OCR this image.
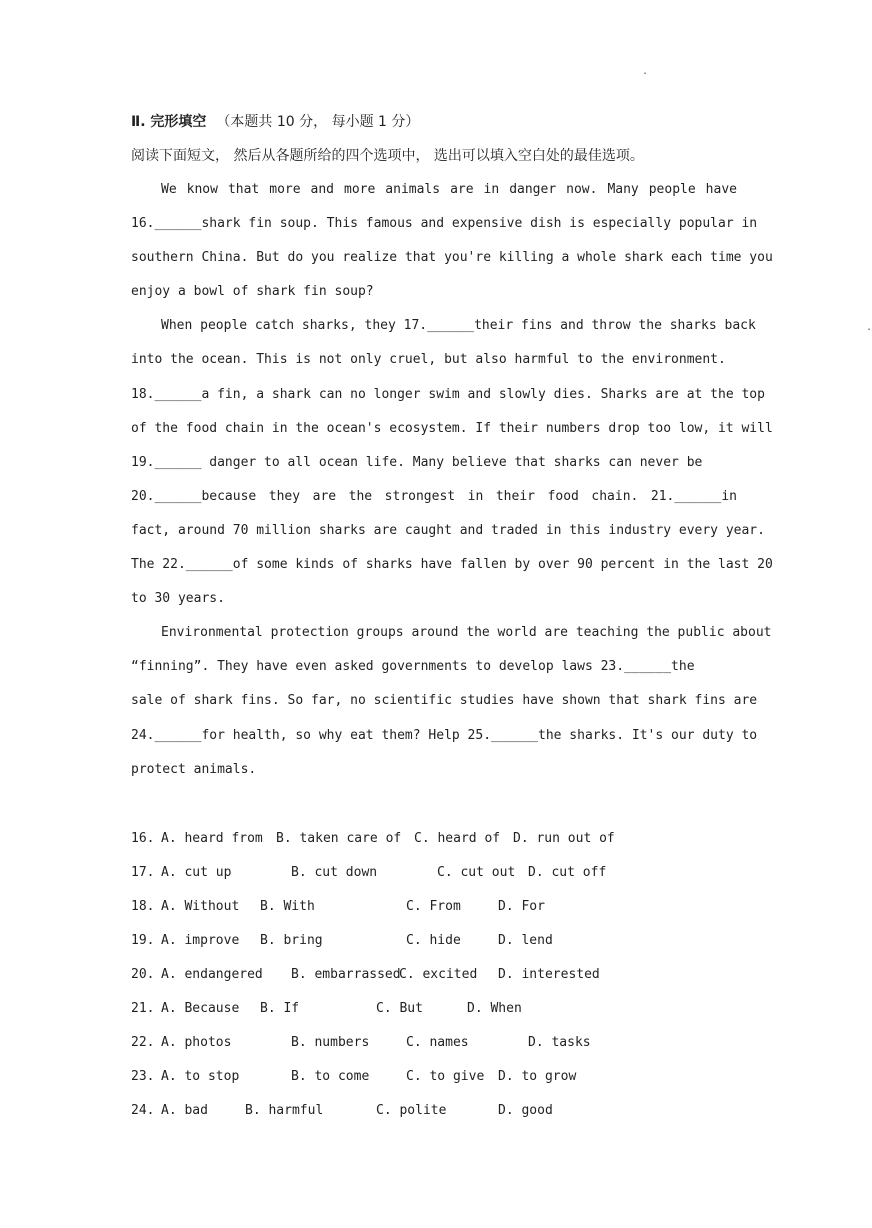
.
.
Ⅱ. 完形填空 （本题共 10 分， 每小题 1 分）
阅读下面短文， 然后从各题所给的四个选项中， 选出可以填入空白处的最佳选项。
We know that more and more animals are in danger now. Many people have
16.______shark fin soup. This famous and expensive dish is especially popular in
southern China. But do you realize that you're killing a whole shark each time you
enjoy a bowl of shark fin soup?
When people catch sharks, they 17.______their fins and throw the sharks back
into the ocean. This is not only cruel, but also harmful to the environment.
18.______a fin, a shark can no longer swim and slowly dies. Sharks are at the top
of the food chain in the ocean's ecosystem. If their numbers drop too low, it will
19.______ danger to all ocean life. Many believe that sharks can never be
20.______because they are the strongest in their food chain. 21.______in
fact, around 70 million sharks are caught and traded in this industry every year.
The 22.______of some kinds of sharks have fallen by over 90 percent in the last 20
to 30 years.
Environmental protection groups around the world are teaching the public about
“finning”. They have even asked governments to develop laws 23.______the
sale of shark fins. So far, no scientific studies have shown that shark fins are
24.______for health, so why eat them? Help 25.______the sharks. It's our duty to
protect animals.
16. A. heard from B. taken care of C. heard of D. run out of
17. A. cut up	B. cut down	C. cut out D. cut off
18. A. Without B. With	C. From	D. For
19. A. improve B. bring	C. hide	D. lend
20. A. endangered B. embarrassed
C. excited D. interested
21. A. Because B. If	C. But	D. When
22. A. photos	B. numbers	C. names	D. tasks
23. A. to stop	B. to come	C. to give D. to grow
24. A. bad	B. harmful	C. polite	D. good
